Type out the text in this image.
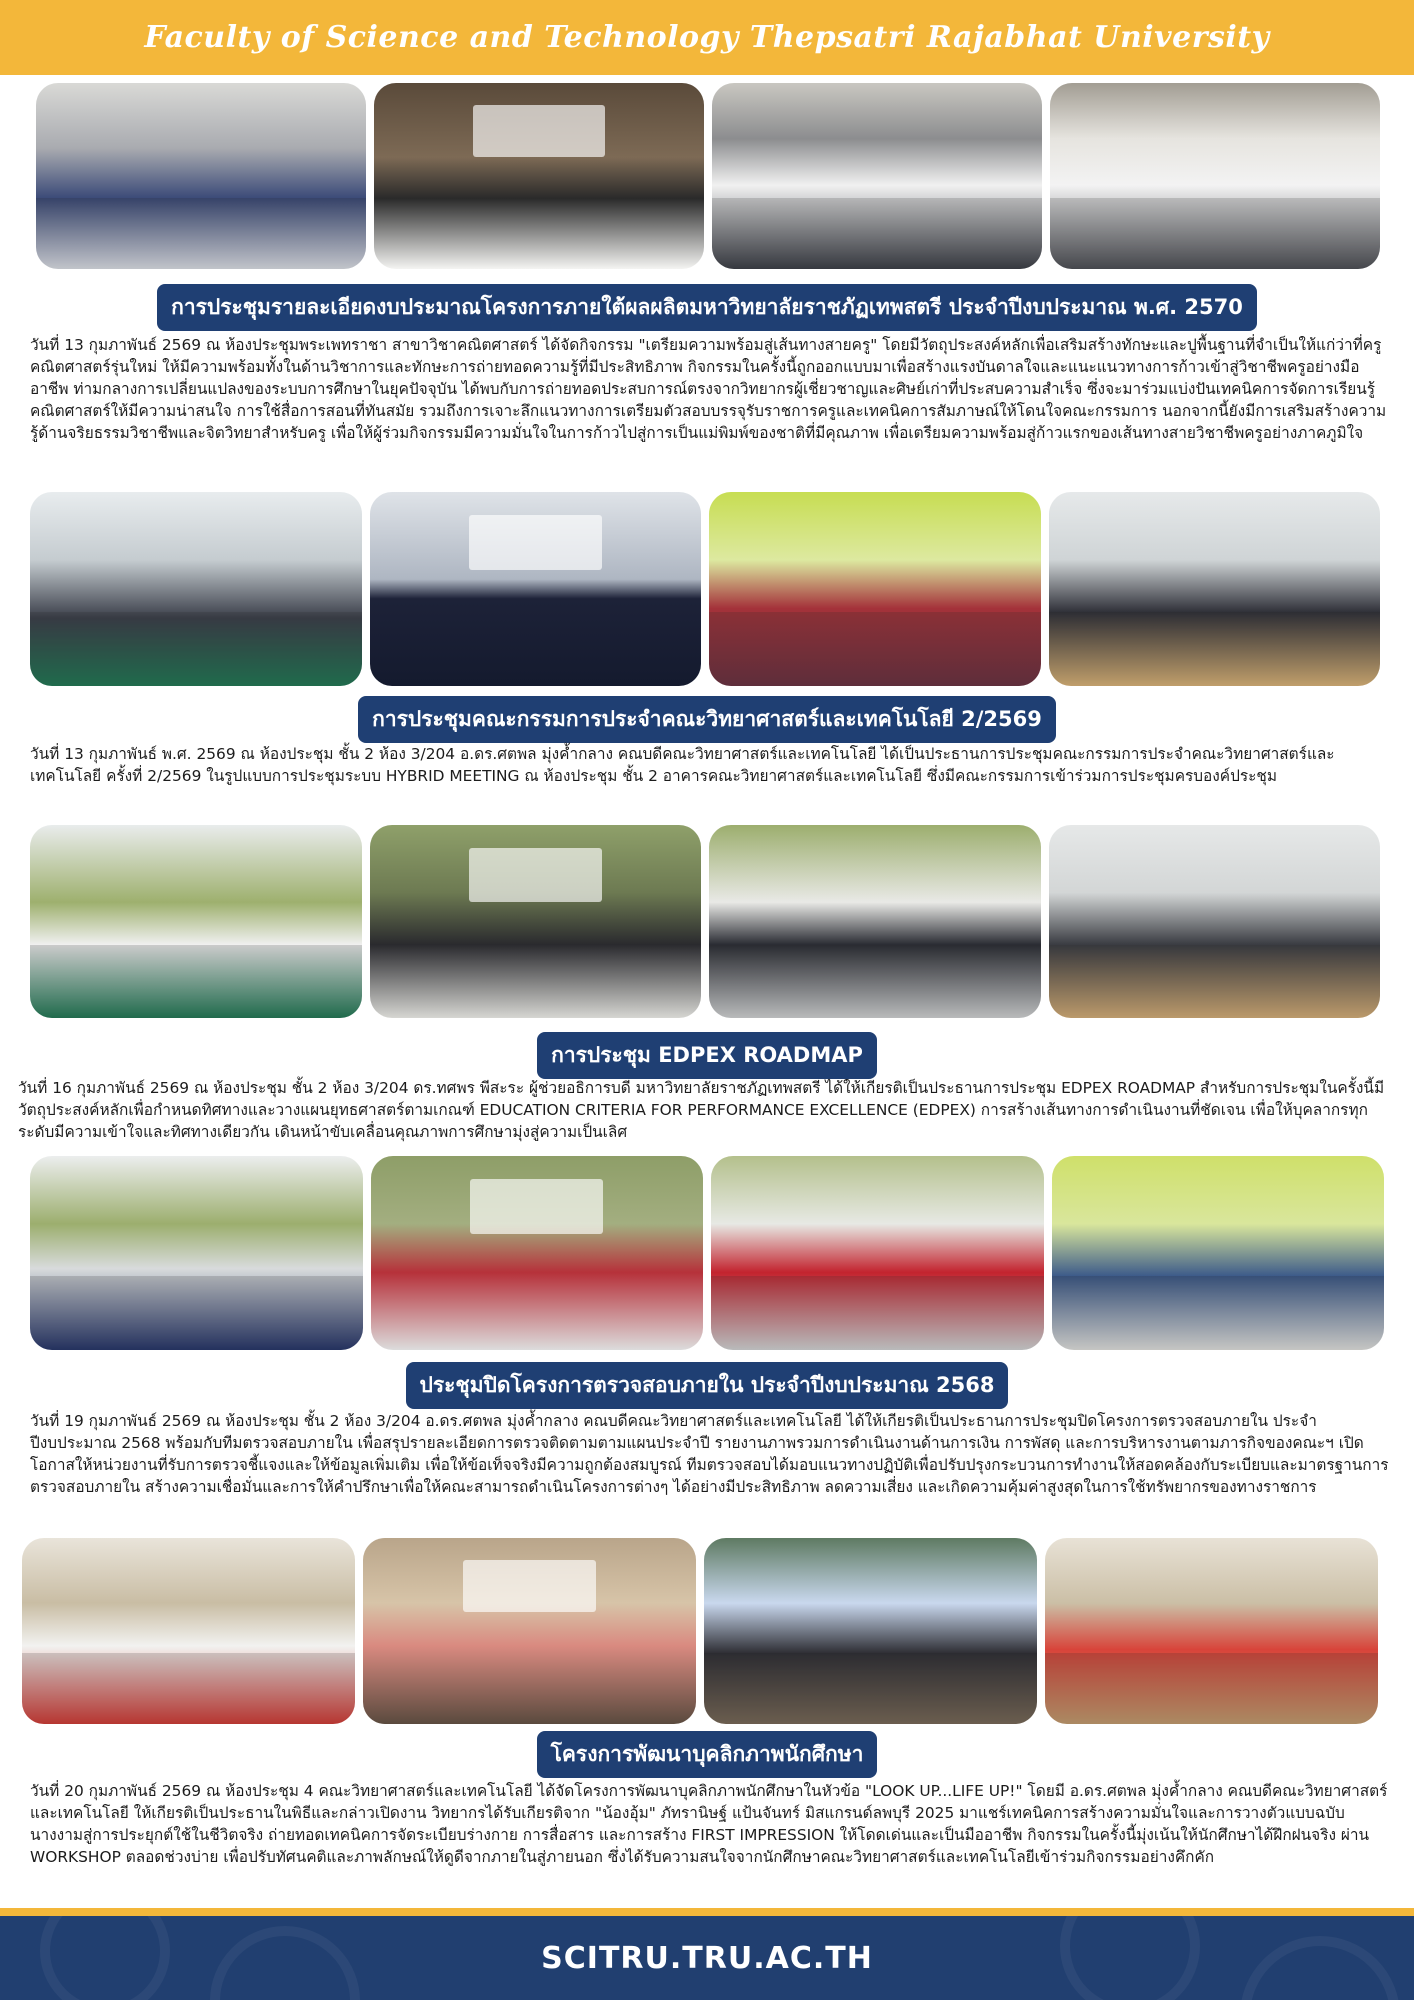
Faculty of Science and Technology Thepsatri Rajabhat University
การประชุมรายละเอียดงบประมาณโครงการภายใต้ผลผลิตมหาวิทยาลัยราชภัฏเทพสตรี ประจำปีงบประมาณ พ.ศ. 2570

วันที่ 13 กุมภาพันธ์ 2569 ณ ห้องประชุมพระเพทราชา สาขาวิชาคณิตศาสตร์ ได้จัดกิจกรรม "เตรียมความพร้อมสู่เส้นทางสายครู" โดยมีวัตถุประสงค์หลักเพื่อเสริมสร้างทักษะและปูพื้นฐานที่จำเป็นให้แก่ว่าที่ครูคณิตศาสตร์รุ่นใหม่ ให้มีความพร้อมทั้งในด้านวิชาการและทักษะการถ่ายทอดความรู้ที่มีประสิทธิภาพ กิจกรรมในครั้งนี้ถูกออกแบบมาเพื่อสร้างแรงบันดาลใจและแนะแนวทางการก้าวเข้าสู่วิชาชีพครูอย่างมืออาชีพ ท่ามกลางการเปลี่ยนแปลงของระบบการศึกษาในยุคปัจจุบัน ได้พบกับการถ่ายทอดประสบการณ์ตรงจากวิทยากรผู้เชี่ยวชาญและศิษย์เก่าที่ประสบความสำเร็จ ซึ่งจะมาร่วมแบ่งปันเทคนิคการจัดการเรียนรู้คณิตศาสตร์ให้มีความน่าสนใจ การใช้สื่อการสอนที่ทันสมัย รวมถึงการเจาะลึกแนวทางการเตรียมตัวสอบบรรจุรับราชการครูและเทคนิคการสัมภาษณ์ให้โดนใจคณะกรรมการ นอกจากนี้ยังมีการเสริมสร้างความรู้ด้านจริยธรรมวิชาชีพและจิตวิทยาสำหรับครู เพื่อให้ผู้ร่วมกิจกรรมมีความมั่นใจในการก้าวไปสู่การเป็นแม่พิมพ์ของชาติที่มีคุณภาพ เพื่อเตรียมความพร้อมสู่ก้าวแรกของเส้นทางสายวิชาชีพครูอย่างภาคภูมิใจ

การประชุมคณะกรรมการประจำคณะวิทยาศาสตร์และเทคโนโลยี 2/2569

วันที่ 13 กุมภาพันธ์ พ.ศ. 2569 ณ ห้องประชุม ชั้น 2 ห้อง 3/204 อ.ดร.ศตพล มุ่งค้ำกลาง คณบดีคณะวิทยาศาสตร์และเทคโนโลยี ได้เป็นประธานการประชุมคณะกรรมการประจำคณะวิทยาศาสตร์และเทคโนโลยี ครั้งที่ 2/2569 ในรูปแบบการประชุมระบบ HYBRID MEETING ณ ห้องประชุม ชั้น 2 อาคารคณะวิทยาศาสตร์และเทคโนโลยี ซึ่งมีคณะกรรมการเข้าร่วมการประชุมครบองค์ประชุม

การประชุม EDPEX ROADMAP

วันที่ 16 กุมภาพันธ์ 2569 ณ ห้องประชุม ชั้น 2 ห้อง 3/204 ดร.ทศพร พีสะระ ผู้ช่วยอธิการบดี มหาวิทยาลัยราชภัฏเทพสตรี ได้ให้เกียรติเป็นประธานการประชุม EDPEX ROADMAP สำหรับการประชุมในครั้งนี้มีวัตถุประสงค์หลักเพื่อกำหนดทิศทางและวางแผนยุทธศาสตร์ตามเกณฑ์ EDUCATION CRITERIA FOR PERFORMANCE EXCELLENCE (EDPEX) การสร้างเส้นทางการดำเนินงานที่ชัดเจน เพื่อให้บุคลากรทุกระดับมีความเข้าใจและทิศทางเดียวกัน เดินหน้าขับเคลื่อนคุณภาพการศึกษามุ่งสู่ความเป็นเลิศ

ประชุมปิดโครงการตรวจสอบภายใน ประจำปีงบประมาณ 2568

วันที่ 19 กุมภาพันธ์ 2569 ณ ห้องประชุม ชั้น 2 ห้อง 3/204 อ.ดร.ศตพล มุ่งค้ำกลาง คณบดีคณะวิทยาศาสตร์และเทคโนโลยี ได้ให้เกียรติเป็นประธานการประชุมปิดโครงการตรวจสอบภายใน ประจำปีงบประมาณ 2568 พร้อมกับทีมตรวจสอบภายใน เพื่อสรุปรายละเอียดการตรวจติดตามตามแผนประจำปี รายงานภาพรวมการดำเนินงานด้านการเงิน การพัสดุ และการบริหารงานตามภารกิจของคณะฯ เปิดโอกาสให้หน่วยงานที่รับการตรวจชี้แจงและให้ข้อมูลเพิ่มเติม เพื่อให้ข้อเท็จจริงมีความถูกต้องสมบูรณ์ ทีมตรวจสอบได้มอบแนวทางปฏิบัติเพื่อปรับปรุงกระบวนการทำงานให้สอดคล้องกับระเบียบและมาตรฐานการตรวจสอบภายใน สร้างความเชื่อมั่นและการให้คำปรึกษาเพื่อให้คณะสามารถดำเนินโครงการต่างๆ ได้อย่างมีประสิทธิภาพ ลดความเสี่ยง และเกิดความคุ้มค่าสูงสุดในการใช้ทรัพยากรของทางราชการ

โครงการพัฒนาบุคลิกภาพนักศึกษา

วันที่ 20 กุมภาพันธ์ 2569 ณ ห้องประชุม 4 คณะวิทยาศาสตร์และเทคโนโลยี ได้จัดโครงการพัฒนาบุคลิกภาพนักศึกษาในหัวข้อ "LOOK UP...LIFE UP!" โดยมี อ.ดร.ศตพล มุ่งค้ำกลาง คณบดีคณะวิทยาศาสตร์และเทคโนโลยี ให้เกียรติเป็นประธานในพิธีและกล่าวเปิดงาน วิทยากรได้รับเกียรติจาก "น้องอุ้ม" ภัทรานิษฐ์ แป้นจันทร์ มิสแกรนด์ลพบุรี 2025 มาแชร์เทคนิคการสร้างความมั่นใจและการวางตัวแบบฉบับนางงามสู่การประยุกต์ใช้ในชีวิตจริง ถ่ายทอดเทคนิคการจัดระเบียบร่างกาย การสื่อสาร และการสร้าง FIRST IMPRESSION ให้โดดเด่นและเป็นมืออาชีพ กิจกรรมในครั้งนี้มุ่งเน้นให้นักศึกษาได้ฝึกฝนจริง ผ่าน WORKSHOP ตลอดช่วงบ่าย เพื่อปรับทัศนคติและภาพลักษณ์ให้ดูดีจากภายในสู่ภายนอก ซึ่งได้รับความสนใจจากนักศึกษาคณะวิทยาศาสตร์และเทคโนโลยีเข้าร่วมกิจกรรมอย่างคึกคัก

SCITRU.TRU.AC.TH
